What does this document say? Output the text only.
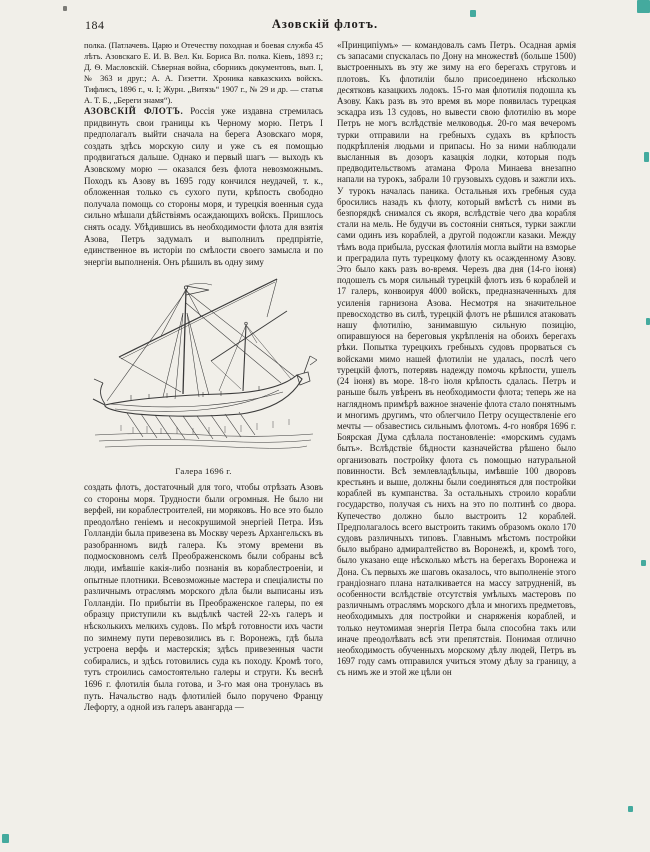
184	Азовскій флотъ.

полка. (Патлачевъ. Царю и Отечеству походная и боевая служба 45 лѣтъ. Азовскаго Е. И. В. Вел. Кн. Бориса Вл. полка. Кіевъ, 1893 г.; Д. Ѳ. Масловскій. Сѣверная война, сборникъ документовъ, вып. I, № 363 и друг.; А. А. Гизетти. Хроника кавказскихъ войскъ. Тифлисъ, 1896 г., ч. I; Журн. „Витязь“ 1907 г., № 29 и др. — статья А. Т. Б., „Береги знамя“).

АЗОВСКІЙ ФЛОТЪ. Россія уже издавна стремилась придвинуть свои границы къ Черному морю. Петръ I предполагалъ выйти сначала на берега Азовскаго моря, создать здѣсь морскую силу и уже съ ея помощью продвигаться дальше. Однако и первый шагъ — выходъ къ Азовскому морю — оказался безъ флота невозможнымъ. Походъ къ Азову въ 1695 году кончился неудачей, т. к., обложенная только съ сухого пути, крѣпость свободно получала помощь со стороны моря, и турецкія военныя суда сильно мѣшали дѣйствіямъ осаждающихъ войскъ. Пришлось снять осаду. Убѣдившись въ необходимости флота для взятія Азова, Петръ задумалъ и выполнилъ предпріятіе, единственное въ исторіи по смѣлости своего замысла и по энергіи выполненія. Онъ рѣшилъ въ одну зиму

Галера 1696 г.

создать флотъ, достаточный для того, чтобы отрѣзать Азовъ со стороны моря. Трудности были огромныя. Не было ни верфей, ни кораблестроителей, ни моряковъ. Но все это было преодолѣно геніемъ и несокрушимой энергіей Петра. Изъ Голландіи была привезена въ Москву черезъ Архангельскъ въ разобранномъ видѣ галера. Къ этому времени въ подмосковномъ селѣ Преображенскомъ были собраны всѣ люди, имѣвшіе какія-либо познанія въ кораблестроеніи, и опытные плотники. Всевозможные мастера и спеціалисты по различнымъ отраслямъ морского дѣла были выписаны изъ Голландіи. По прибытіи въ Преображенское галеры, по ея образцу приступили къ выдѣлкѣ частей 22-хъ галеръ и нѣсколькихъ мелкихъ судовъ. По мѣрѣ готовности ихъ части по зимнему пути перевозились въ г. Воронежъ, гдѣ была устроена верфь и мастерскія; здѣсь привезенныя части собирались, и здѣсь готовились суда къ походу. Кромѣ того, тутъ строились самостоятельно галеры и струги. Къ веснѣ 1696 г. флотилія была готова, и 3-го мая она тронулась въ путь. Начальство надъ флотиліей было поручено Францу Лефорту, а одной изъ галеръ авангарда —

«Принципіумъ» — командовалъ самъ Петръ. Осадная армія съ запасами спускалась по Дону на множествѣ (больше 1500) выстроенныхъ въ эту же зиму на его берегахъ струговъ и плотовъ. Къ флотиліи было присоединено нѣсколько десятковъ казацкихъ лодокъ. 15-го мая флотилія подошла къ Азову. Какъ разъ въ это время въ море появилась турецкая эскадра изъ 13 судовъ, но вывести свою флотилію въ море Петръ не могъ вслѣдствіе мелководья. 20-го мая вечеромъ турки отправили на гребныхъ судахъ въ крѣпость подкрѣпленія людьми и припасы. Но за ними наблюдали высланныя въ дозоръ казацкія лодки, которыя подъ предводительствомъ атамана Фрола Минаева внезапно напали на турокъ, забрали 10 грузовыхъ судовъ и зажгли ихъ. У турокъ началась паника. Остальныя ихъ гребныя суда бросились назадъ къ флоту, который вмѣстѣ съ ними въ безпорядкѣ снимался съ якоря, вслѣдствіе чего два корабля стали на мель. Не будучи въ состояніи сняться, турки зажгли сами одинъ изъ кораблей, а другой подожгли казаки. Между тѣмъ вода прибыла, русская флотилія могла выйти на взморье и преградила путь турецкому флоту къ осажденному Азову. Это было какъ разъ во-время. Черезъ два дня (14-го іюня) подошелъ съ моря сильный турецкій флотъ изъ 6 кораблей и 17 галеръ, конвоируя 4000 войскъ, предназначенныхъ для усиленія гарнизона Азова. Несмотря на значительное превосходство въ силѣ, турецкій флотъ не рѣшился атаковать нашу флотилію, занимавшую сильную позицію, опиравшуюся на береговыя укрѣпленія на обоихъ берегахъ рѣки. Попытка турецкихъ гребныхъ судовъ прорваться съ войсками мимо нашей флотиліи не удалась, послѣ чего турецкій флотъ, потерявъ надежду помочь крѣпости, ушелъ (24 іюня) въ море. 18-го іюля крѣпость сдалась. Петръ и раньше былъ увѣренъ въ необходимости флота; теперь же на наглядномъ примѣрѣ важное значеніе флота стало понятнымъ и многимъ другимъ, что облегчило Петру осуществленіе его мечты — обзавестись сильнымъ флотомъ. 4-го ноября 1696 г. Боярская Дума сдѣлала постановленіе: «морскимъ судамъ быть». Вслѣдствіе бѣдности казначейства рѣшено было организовать постройку флота съ помощью натуральной повинности. Всѣ землевладѣльцы, имѣвшіе 100 дворовъ крестьянъ и выше, должны были соединяться для постройки кораблей въ кумпанства. За остальныхъ строило корабли государство, получая съ нихъ на это по полтинѣ со двора. Купечество должно было выстроить 12 кораблей. Предполагалось всего выстроить такимъ образомъ около 170 судовъ различныхъ типовъ. Главнымъ мѣстомъ постройки было выбрано адмиралтейство въ Воронежѣ, и, кромѣ того, было указано еще нѣсколько мѣстъ на берегахъ Воронежа и Дона. Съ первыхъ же шаговъ оказалось, что выполненіе этого грандіознаго плана наталкивается на массу затрудненій, въ особенности вслѣдствіе отсутствія умѣлыхъ мастеровъ по различнымъ отраслямъ морского дѣла и многихъ предметовъ, необходимыхъ для постройки и снаряженія кораблей, и только неутомимая энергія Петра была способна такъ или иначе преодолѣвать всѣ эти препятствія. Понимая отлично необходимость обученныхъ морскому дѣлу людей, Петръ въ 1697 году самъ отправился учиться этому дѣлу за границу, а съ нимъ же и этой же цѣли он
